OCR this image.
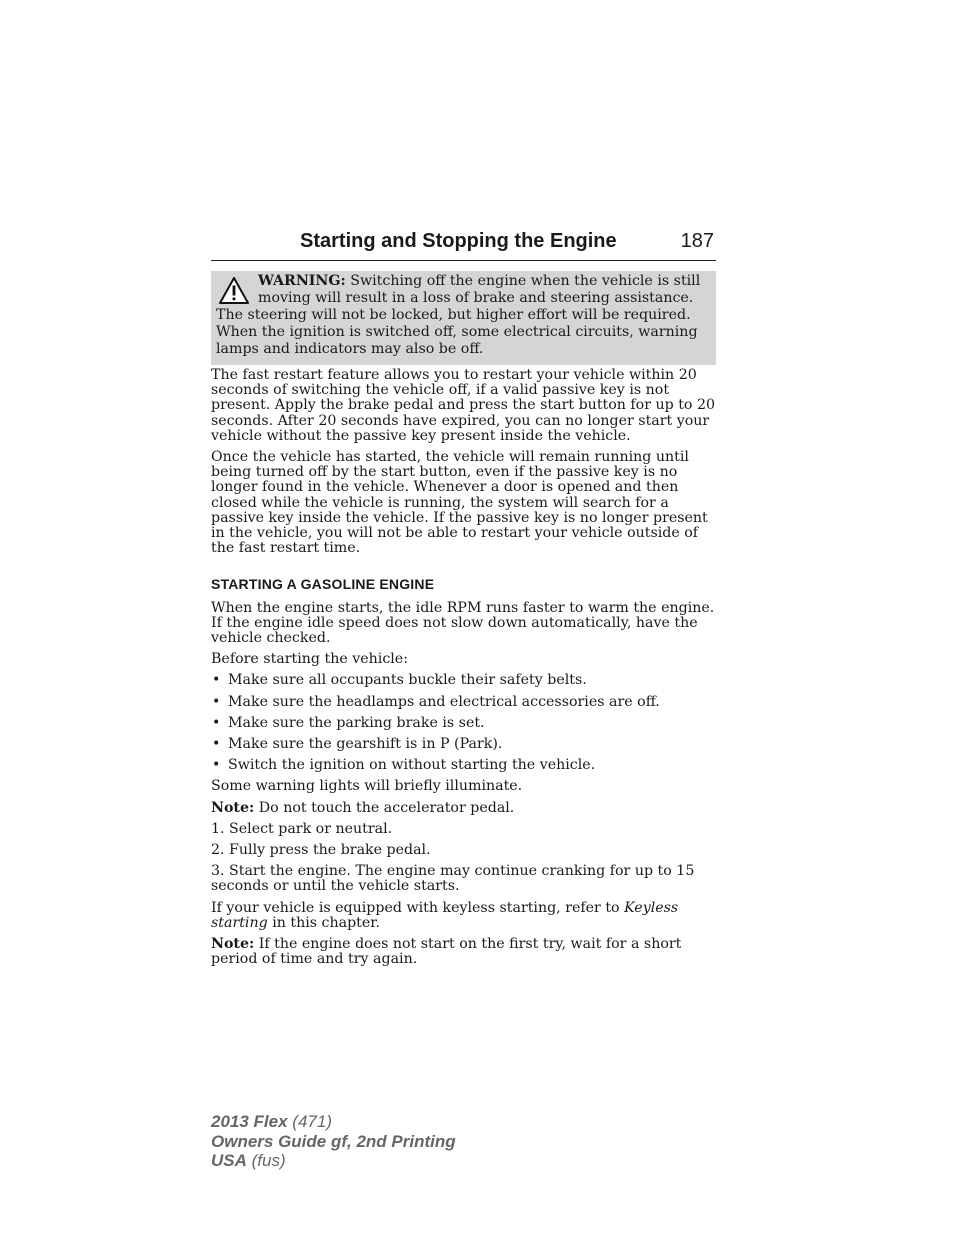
Starting and Stopping the Engine	187
WARNING: Switching off the engine when the vehicle is still moving will result in a loss of brake and steering assistance. The steering will not be locked, but higher effort will be required. When the ignition is switched off, some electrical circuits, warning lamps and indicators may also be off.

The fast restart feature allows you to restart your vehicle within 20 seconds of switching the vehicle off, if a valid passive key is not present. Apply the brake pedal and press the start button for up to 20 seconds. After 20 seconds have expired, you can no longer start your vehicle without the passive key present inside the vehicle.

Once the vehicle has started, the vehicle will remain running until being turned off by the start button, even if the passive key is no longer found in the vehicle. Whenever a door is opened and then closed while the vehicle is running, the system will search for a passive key inside the vehicle. If the passive key is no longer present in the vehicle, you will not be able to restart your vehicle outside of the fast restart time.

STARTING A GASOLINE ENGINE

When the engine starts, the idle RPM runs faster to warm the engine. If the engine idle speed does not slow down automatically, have the vehicle checked.

Before starting the vehicle:

• Make sure all occupants buckle their safety belts.
• Make sure the headlamps and electrical accessories are off.
• Make sure the parking brake is set.
• Make sure the gearshift is in P (Park).
• Switch the ignition on without starting the vehicle.

Some warning lights will briefly illuminate.

Note: Do not touch the accelerator pedal.

1. Select park or neutral.
2. Fully press the brake pedal.
3. Start the engine. The engine may continue cranking for up to 15 seconds or until the vehicle starts.

If your vehicle is equipped with keyless starting, refer to Keyless starting in this chapter.

Note: If the engine does not start on the first try, wait for a short period of time and try again.

2013 Flex (471)
Owners Guide gf, 2nd Printing
USA (fus)
